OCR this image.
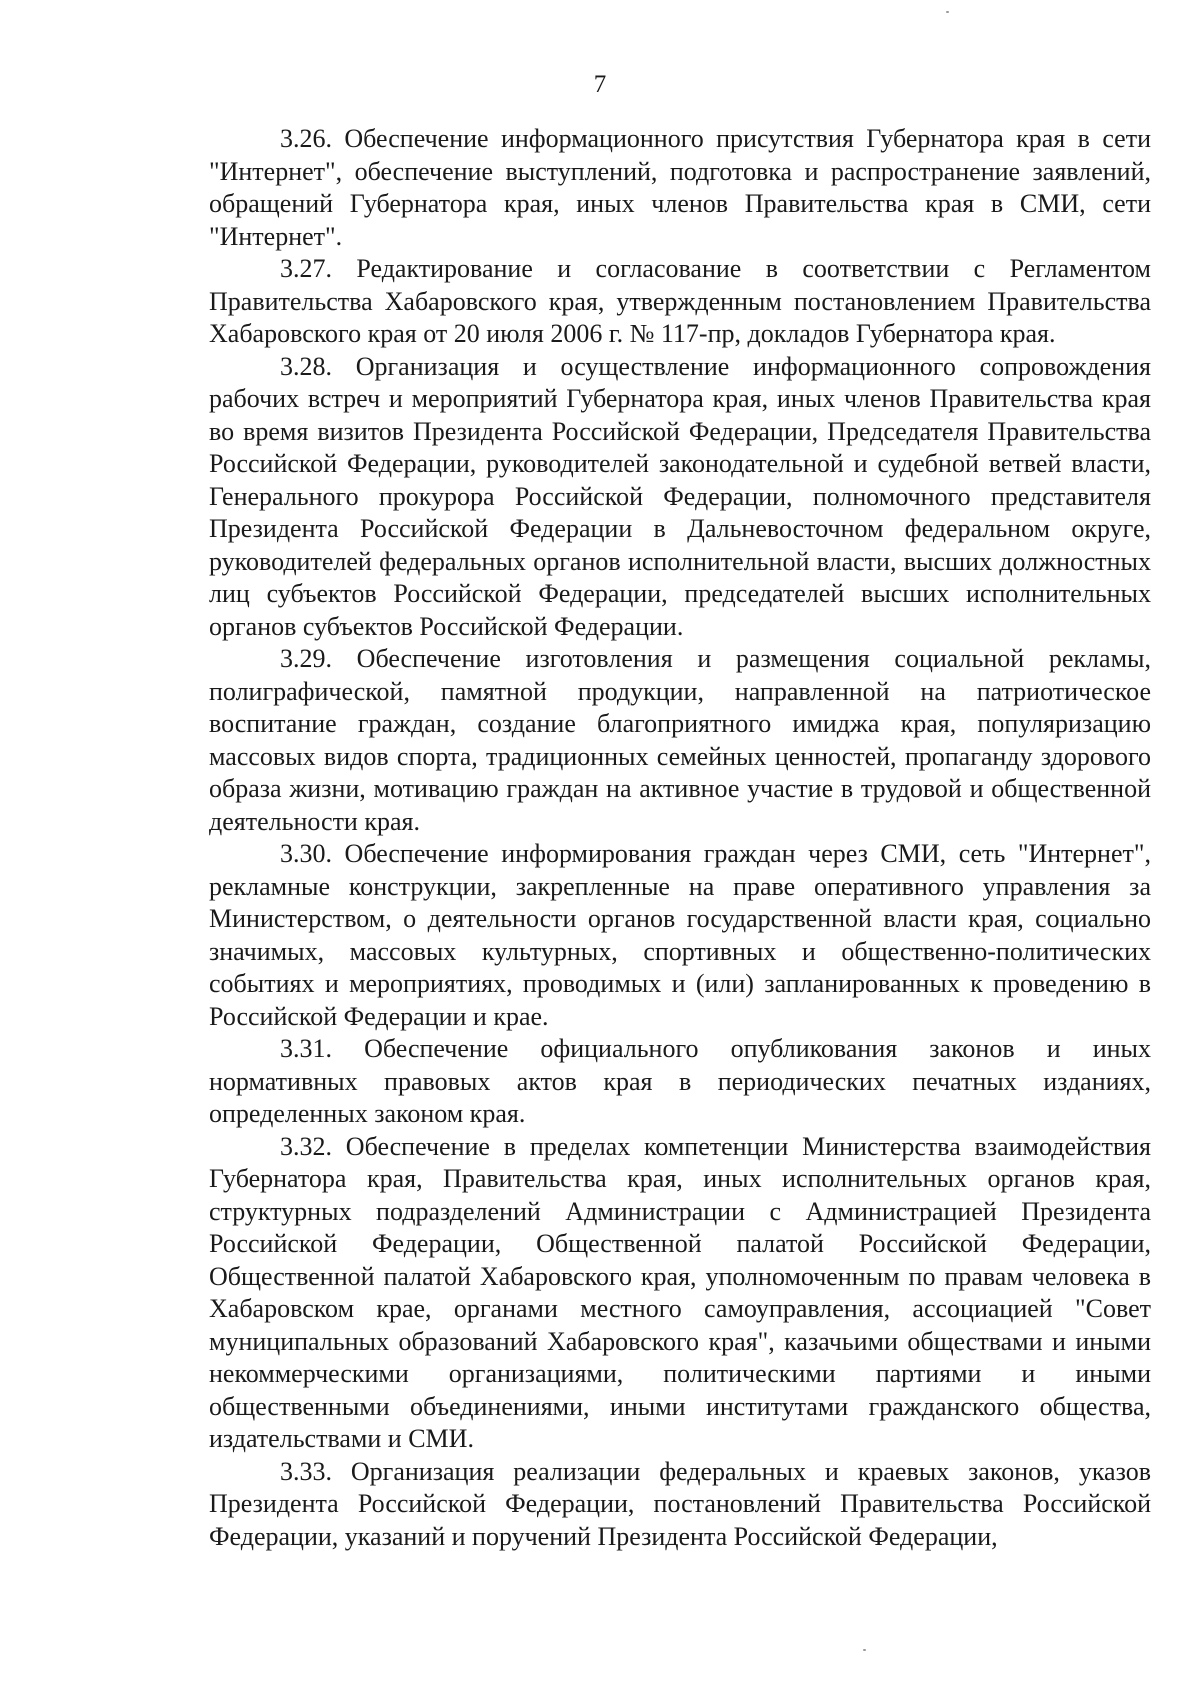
7

3.26. Обеспечение информационного присутствия Губернатора края в сети "Интернет", обеспечение выступлений, подготовка и распространение заявлений, обращений Губернатора края, иных членов Правительства края в СМИ, сети "Интернет".

3.27. Редактирование и согласование в соответствии с Регламентом Правительства Хабаровского края, утвержденным постановлением Правительства Хабаровского края от 20 июля 2006 г. № 117-пр, докладов Губернатора края.

3.28. Организация и осуществление информационного сопровождения рабочих встреч и мероприятий Губернатора края, иных членов Правительства края во время визитов Президента Российской Федерации, Председателя Правительства Российской Федерации, руководителей законодательной и судебной ветвей власти, Генерального прокурора Российской Федерации, полномочного представителя Президента Российской Федерации в Дальневосточном федеральном округе, руководителей федеральных органов исполнительной власти, высших должностных лиц субъектов Российской Федерации, председателей высших исполнительных органов субъектов Российской Федерации.

3.29. Обеспечение изготовления и размещения социальной рекламы, полиграфической, памятной продукции, направленной на патриотическое воспитание граждан, создание благоприятного имиджа края, популяризацию массовых видов спорта, традиционных семейных ценностей, пропаганду здорового образа жизни, мотивацию граждан на активное участие в трудовой и общественной деятельности края.

3.30. Обеспечение информирования граждан через СМИ, сеть "Интернет", рекламные конструкции, закрепленные на праве оперативного управления за Министерством, о деятельности органов государственной власти края, социально значимых, массовых культурных, спортивных и общественно-политических событиях и мероприятиях, проводимых и (или) запланированных к проведению в Российской Федерации и крае.

3.31. Обеспечение официального опубликования законов и иных нормативных правовых актов края в периодических печатных изданиях, определенных законом края.

3.32. Обеспечение в пределах компетенции Министерства взаимодействия Губернатора края, Правительства края, иных исполнительных органов края, структурных подразделений Администрации с Администрацией Президента Российской Федерации, Общественной палатой Российской Федерации, Общественной палатой Хабаровского края, уполномоченным по правам человека в Хабаровском крае, органами местного самоуправления, ассоциацией "Совет муниципальных образований Хабаровского края", казачьими обществами и иными некоммерческими организациями, политическими партиями и иными общественными объединениями, иными институтами гражданского общества, издательствами и СМИ.

3.33. Организация реализации федеральных и краевых законов, указов Президента Российской Федерации, постановлений Правительства Российской Федерации, указаний и поручений Президента Российской Федерации,
